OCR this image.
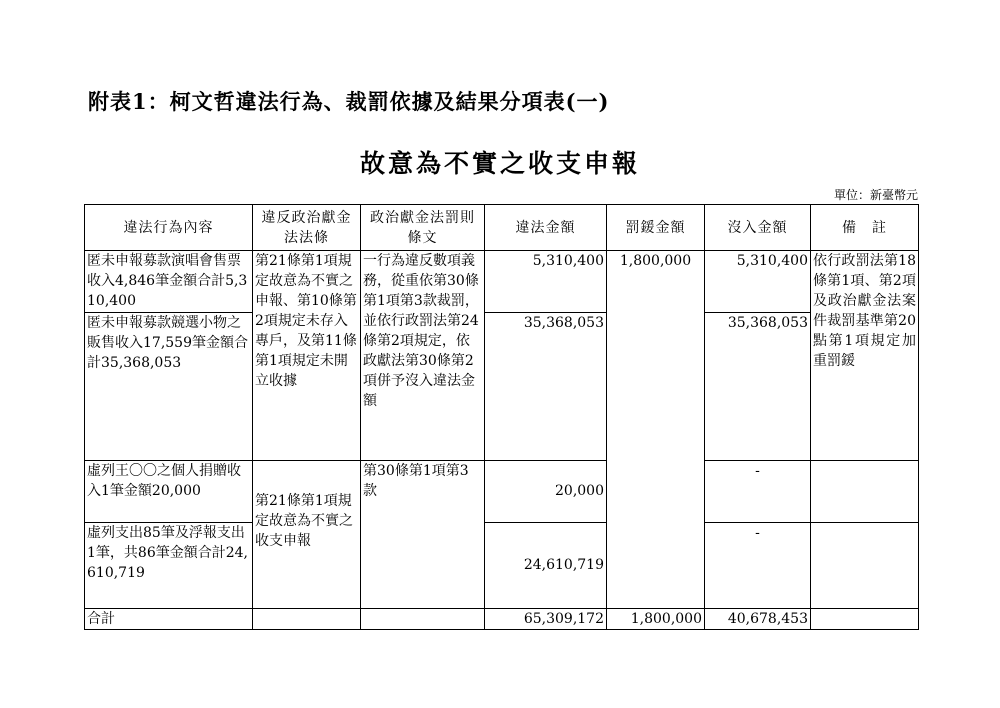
附表1：柯文哲違法行為、裁罰依據及結果分項表(一)
故意為不實之收支申報
單位：新臺幣元
違法行為內容	違反政治獻金法法條	政治獻金法罰則條文	違法金額	罰鍰金額	沒入金額	備　註
匿未申報募款演唱會售票收入4,846筆金額合計5,310,400	第21條第1項規定故意為不實之申報、第10條第2項規定未存入專戶，及第11條第1項規定未開立收據	一行為違反數項義務，從重依第30條第1項第3款裁罰，並依行政罰法第24條第2項規定，依政獻法第30條第2項併予沒入違法金額	5,310,400	1,800,000	5,310,400	依行政罰法第18條第1項、第2項及政治獻金法案件裁罰基準第20點第1項規定加重罰鍰
匿未申報募款競選小物之販售收入17,559筆金額合計35,368,053			35,368,053		35,368,053	
虛列王〇〇之個人捐贈收入1筆金額20,000	第21條第1項規定故意為不實之收支申報	第30條第1項第3款	20,000		-	
虛列支出85筆及浮報支出1筆，共86筆金額合計24,610,719			24,610,719		-	
合計			65,309,172	1,800,000	40,678,453	
